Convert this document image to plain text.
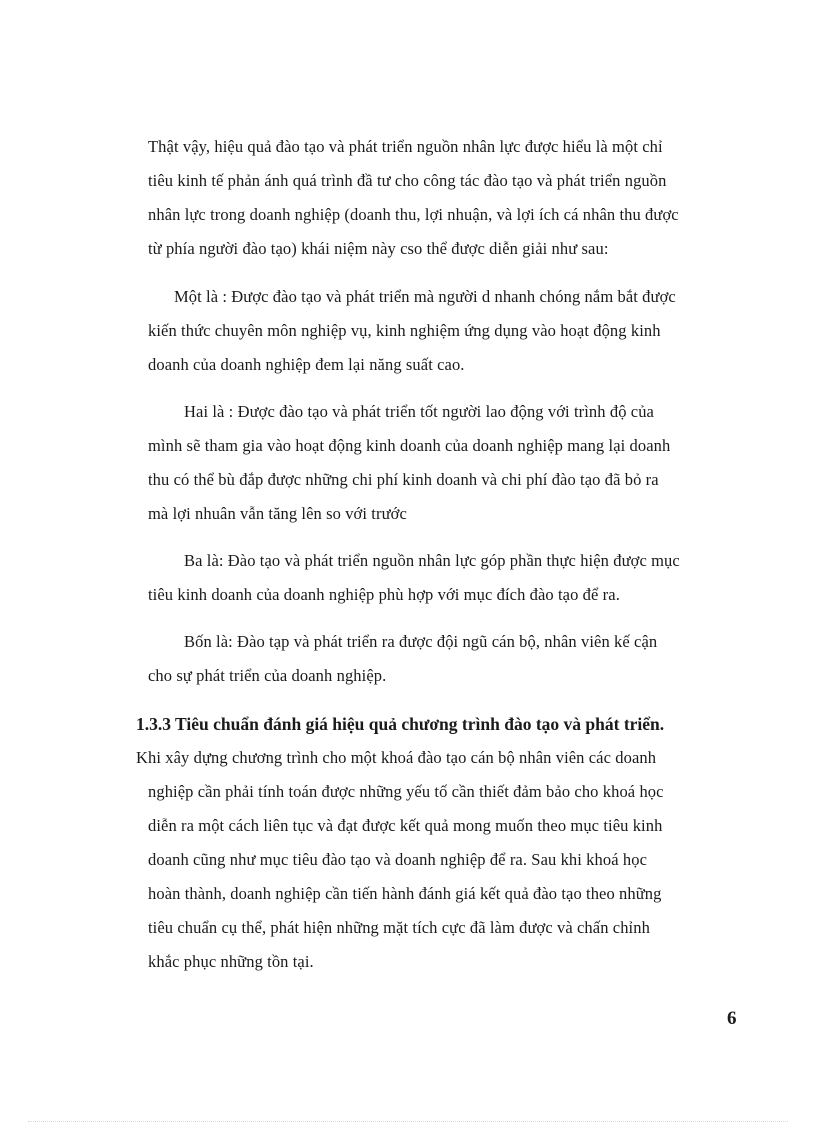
Thật vậy, hiệu quả đào tạo và phát triển nguồn nhân lực được hiểu là một chỉ
tiêu kinh tế phản ánh quá trình đầ tư cho công tác đào tạo và phát triển nguồn
nhân lực trong doanh nghiệp (doanh thu, lợi nhuận, và lợi ích cá nhân thu được
từ phía người đào tạo) khái niệm này cso thể được diễn giải như sau:
Một là : Được đào tạo và phát triển mà người d nhanh chóng nắm bắt được
kiến thức chuyên môn nghiệp vụ, kinh nghiệm ứng dụng vào hoạt động kinh
doanh của doanh nghiệp đem lại năng suất cao.
Hai là : Được đào tạo và phát triển tốt người lao động với trình độ của
mình sẽ tham gia vào hoạt động kinh doanh của doanh nghiệp mang lại doanh
thu có thể bù đắp được những chi phí kinh doanh và chi phí đào tạo đã bỏ ra
mà lợi nhuân vẫn tăng lên so với trước
Ba là: Đào tạo và phát triển nguồn nhân lực góp phần thực hiện được mục
tiêu kinh doanh của doanh nghiệp phù hợp với mục đích đào tạo để ra.
Bốn là: Đào tạp và phát triển ra được đội ngũ cán bộ, nhân viên kế cận
cho sự phát triển của doanh nghiệp.
1.3.3 Tiêu chuẩn đánh giá hiệu quả chương trình đào tạo và phát triển.
Khi xây dựng chương trình cho một khoá đào tạo cán bộ nhân viên các doanh
nghiệp cần phải tính toán được những yếu tố cần thiết đảm bảo cho khoá học
diễn ra một cách liên tục và đạt được kết quả mong muốn theo mục tiêu kinh
doanh cũng như mục tiêu đào tạo và doanh nghiệp để ra. Sau khi khoá học
hoàn thành, doanh nghiệp cần tiến hành đánh giá kết quả đào tạo theo những
tiêu chuẩn cụ thể, phát hiện những mặt tích cực đã làm được và chấn chỉnh
khắc phục những tồn tại.
6
